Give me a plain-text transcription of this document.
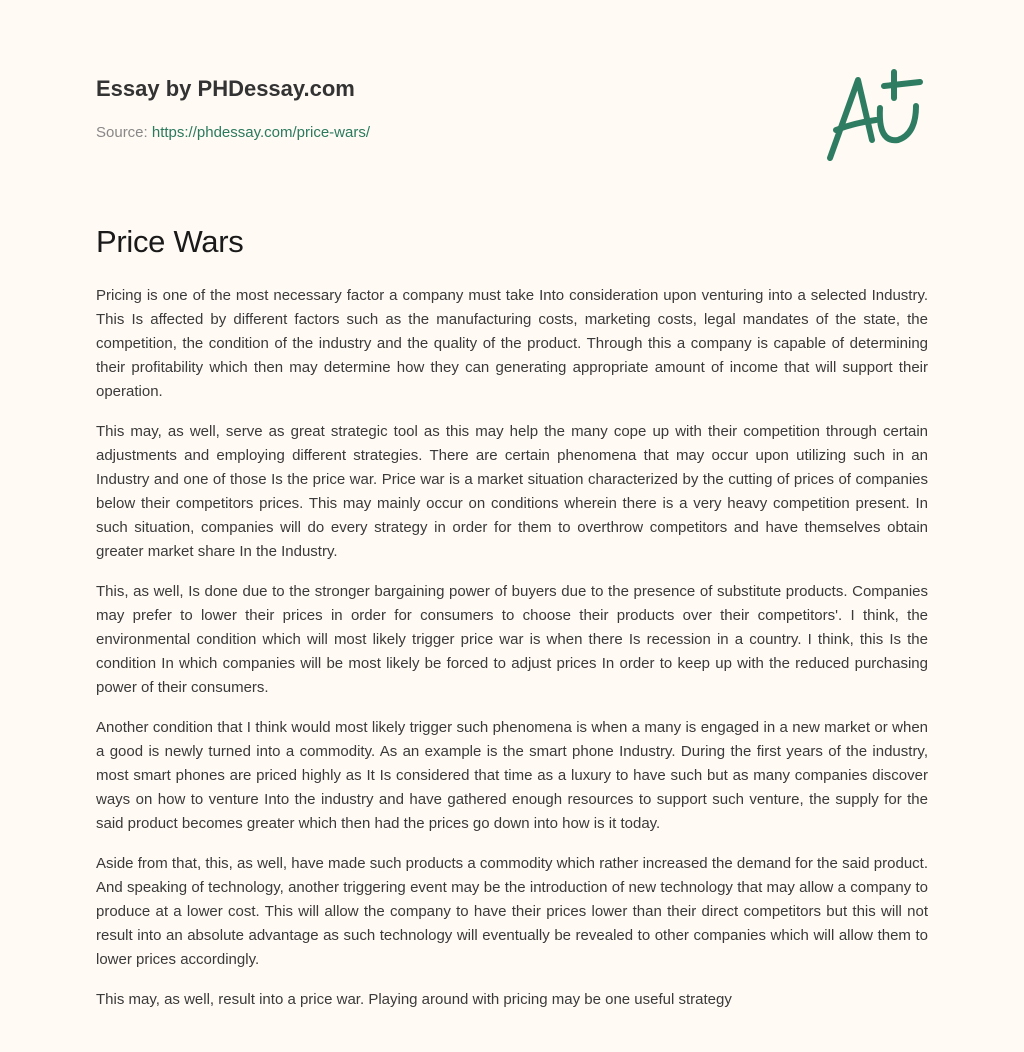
Essay by PHDessay.com
Source: https://phdessay.com/price-wars/
Price Wars

Pricing is one of the most necessary factor a company must take Into consideration upon venturing into a selected Industry. This Is affected by different factors such as the manufacturing costs, marketing costs, legal mandates of the state, the competition, the condition of the industry and the quality of the product. Through this a company is capable of determining their profitability which then may determine how they can generating appropriate amount of income that will support their operation.

This may, as well, serve as great strategic tool as this may help the many cope up with their competition through certain adjustments and employing different strategies. There are certain phenomena that may occur upon utilizing such in an Industry and one of those Is the price war. Price war is a market situation characterized by the cutting of prices of companies below their competitors prices. This may mainly occur on conditions wherein there is a very heavy competition present. In such situation, companies will do every strategy in order for them to overthrow competitors and have themselves obtain greater market share In the Industry.

This, as well, Is done due to the stronger bargaining power of buyers due to the presence of substitute products. Companies may prefer to lower their prices in order for consumers to choose their products over their competitors'. I think, the environmental condition which will most likely trigger price war is when there Is recession in a country. I think, this Is the condition In which companies will be most likely be forced to adjust prices In order to keep up with the reduced purchasing power of their consumers.

Another condition that I think would most likely trigger such phenomena is when a many is engaged in a new market or when a good is newly turned into a commodity. As an example is the smart phone Industry. During the first years of the industry, most smart phones are priced highly as It Is considered that time as a luxury to have such but as many companies discover ways on how to venture Into the industry and have gathered enough resources to support such venture, the supply for the said product becomes greater which then had the prices go down into how is it today.

Aside from that, this, as well, have made such products a commodity which rather increased the demand for the said product. And speaking of technology, another triggering event may be the introduction of new technology that may allow a company to produce at a lower cost. This will allow the company to have their prices lower than their direct competitors but this will not result into an absolute advantage as such technology will eventually be revealed to other companies which will allow them to lower prices accordingly.

This may, as well, result into a price war. Playing around with pricing may be one useful strategy
